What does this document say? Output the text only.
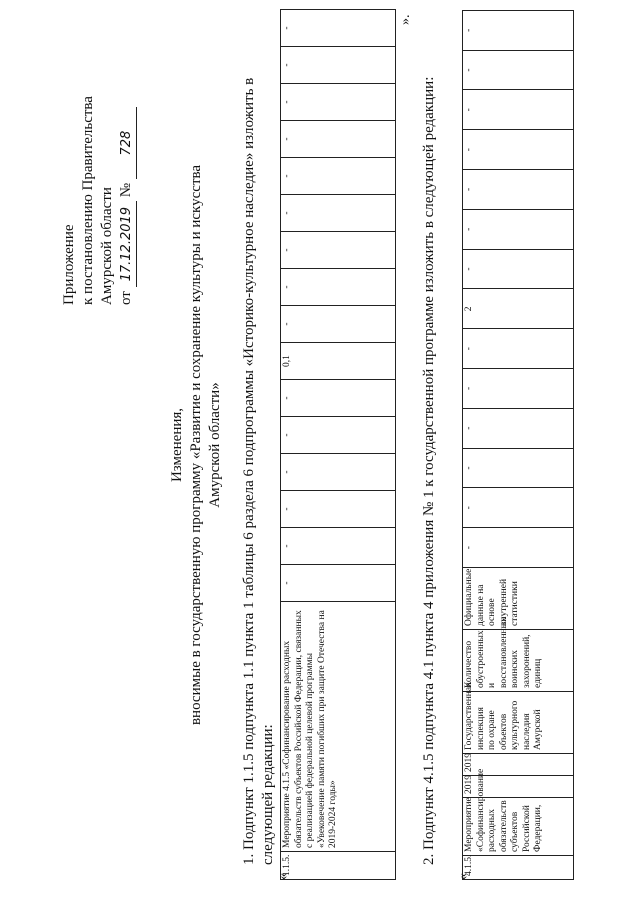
Приложение к постановлению Правительства Амурской области от 17.12.2019 № 728
Изменения, вносимые в государственную программу «Развитие и сохранение культуры и искусства Амурской области» 1. Подпункт 1.1.5 подпункта 1.1 пункта 1 таблицы 6 раздела 6 подпрограммы «Историко-культурное наследие» изложить в следующей редакции:
«
1.1.5.	Мероприятие 4.1.5 «Софинансирование расходных обязательств субъектов Российской Федерации, связанных с реализацией федеральной целевой программы «Увековечение памяти погибших при защите Отечества на 2019-2024 годы»	-	-	-	-	-	-	0,1	-	-	-	-	-	-	-	-	-
».
2. Подпункт 4.1.5 подпункта 4.1 пункта 4 приложения № 1 к государственной программе изложить в следующей редакции:
«
4.1.5.	Мероприятие «Софинансирование расходных обязательств субъектов Российской Федерации,	2019	2019	Государственная инспекция по охране объектов культурного наследия Амурской	Количество обустроенных и восстановленных воинских захоронений, единиц	Официальные данные на основе внутренней статистики	-	-	-	-	-	-	2	-	-	-	-	-	-	-
